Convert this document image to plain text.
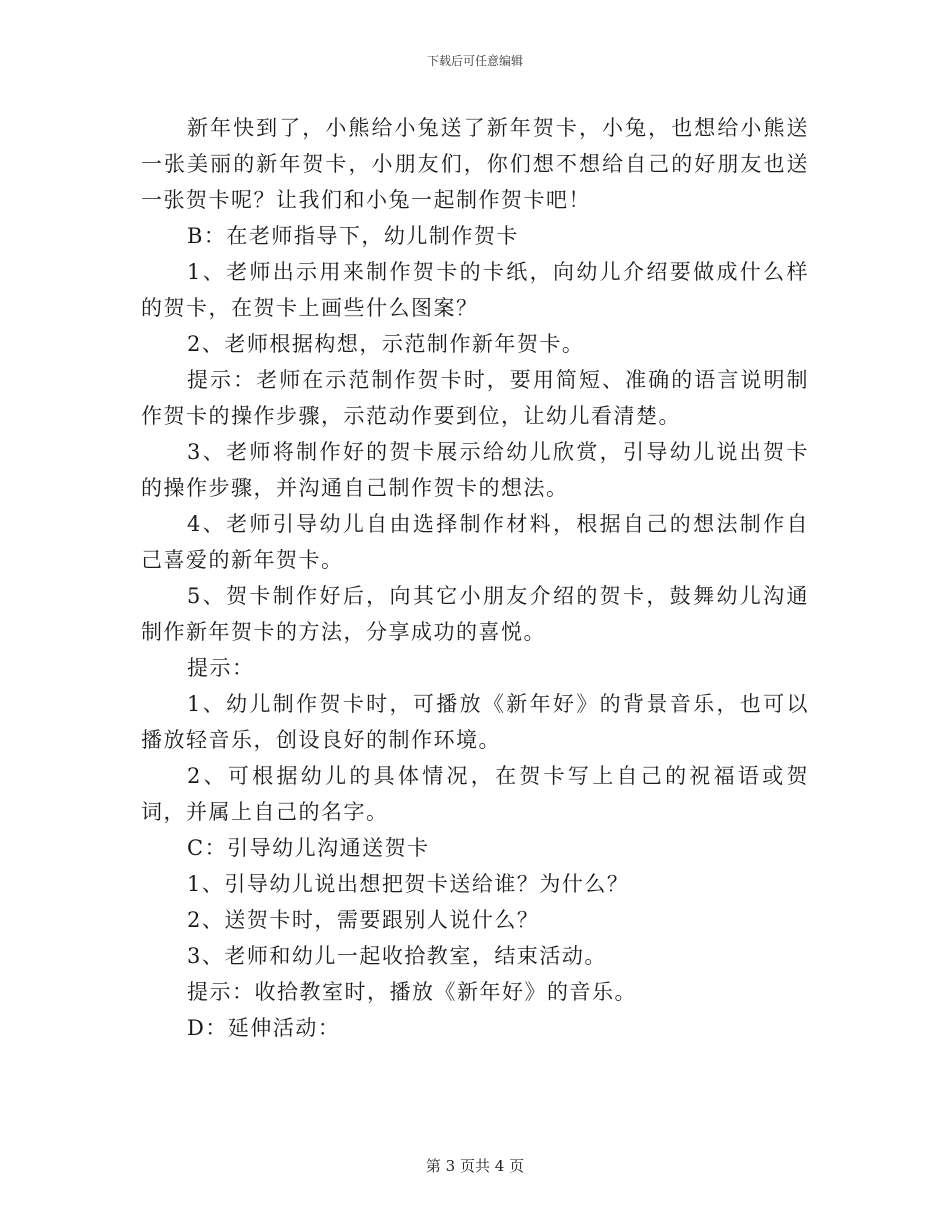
下载后可任意编辑

新年快到了，小熊给小兔送了新年贺卡，小兔，也想给小熊送一张美丽的新年贺卡，小朋友们，你们想不想给自己的好朋友也送一张贺卡呢？让我们和小兔一起制作贺卡吧！

B：在老师指导下，幼儿制作贺卡

1、老师出示用来制作贺卡的卡纸，向幼儿介绍要做成什么样的贺卡，在贺卡上画些什么图案？

2、老师根据构想，示范制作新年贺卡。

提示：老师在示范制作贺卡时，要用简短、准确的语言说明制作贺卡的操作步骤，示范动作要到位，让幼儿看清楚。

3、老师将制作好的贺卡展示给幼儿欣赏，引导幼儿说出贺卡的操作步骤，并沟通自己制作贺卡的想法。

4、老师引导幼儿自由选择制作材料，根据自己的想法制作自己喜爱的新年贺卡。

5、贺卡制作好后，向其它小朋友介绍的贺卡，鼓舞幼儿沟通制作新年贺卡的方法，分享成功的喜悦。

提示：

1、幼儿制作贺卡时，可播放《新年好》的背景音乐，也可以播放轻音乐，创设良好的制作环境。

2、可根据幼儿的具体情况，在贺卡写上自己的祝福语或贺词，并属上自己的名字。

C：引导幼儿沟通送贺卡

1、引导幼儿说出想把贺卡送给谁？为什么？

2、送贺卡时，需要跟别人说什么？

3、老师和幼儿一起收拾教室，结束活动。

提示：收拾教室时，播放《新年好》的音乐。

D：延伸活动：

第 3 页共 4 页
